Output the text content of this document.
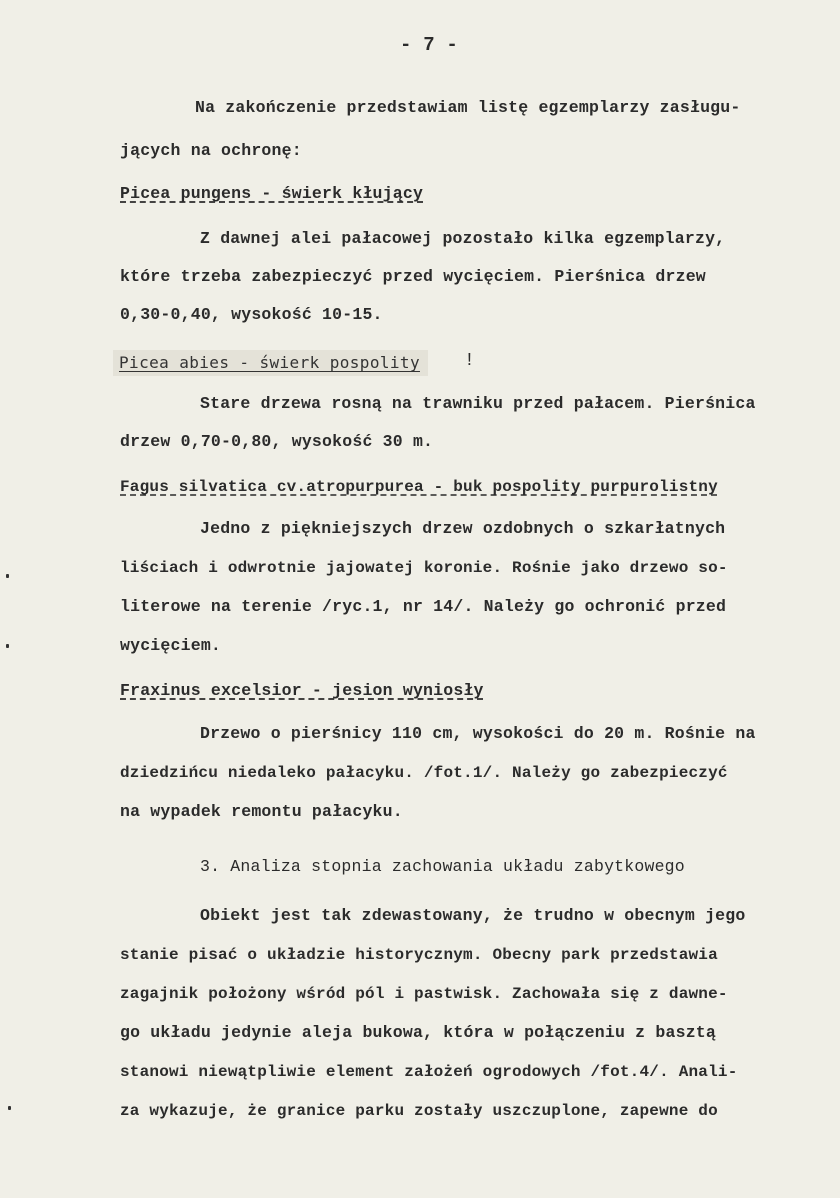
- 7 -
Na zakończenie przedstawiam listę egzemplarzy zasługu-
jących na ochronę:
Picea pungens - świerk kłujący
Z dawnej alei pałacowej pozostało kilka egzemplarzy,
które trzeba zabezpieczyć przed wycięciem. Pierśnica drzew
0,30-0,40, wysokość 10-15.
Picea abies - świerk pospolity	!
Stare drzewa rosną na trawniku przed pałacem. Pierśnica
drzew 0,70-0,80, wysokość 30 m.
Fagus silvatica cv.atropurpurea - buk pospolity purpurolistny
Jedno z piękniejszych drzew ozdobnych o szkarłatnych
liściach i odwrotnie jajowatej koronie. Rośnie jako drzewo so-
literowe na terenie /ryc.1, nr 14/. Należy go ochronić przed
wycięciem.
Fraxinus excelsior - jesion wyniosły
Drzewo o pierśnicy 110 cm, wysokości do 20 m. Rośnie na
dziedzińcu niedaleko pałacyku. /fot.1/. Należy go zabezpieczyć
na wypadek remontu pałacyku.
3. Analiza stopnia zachowania układu zabytkowego
Obiekt jest tak zdewastowany, że trudno w obecnym jego
stanie pisać o układzie historycznym. Obecny park przedstawia
zagajnik położony wśród pól i pastwisk. Zachowała się z dawne-
go układu jedynie aleja bukowa, która w połączeniu z basztą
stanowi niewątpliwie element założeń ogrodowych /fot.4/. Anali-
za wykazuje, że granice parku zostały uszczuplone, zapewne do
